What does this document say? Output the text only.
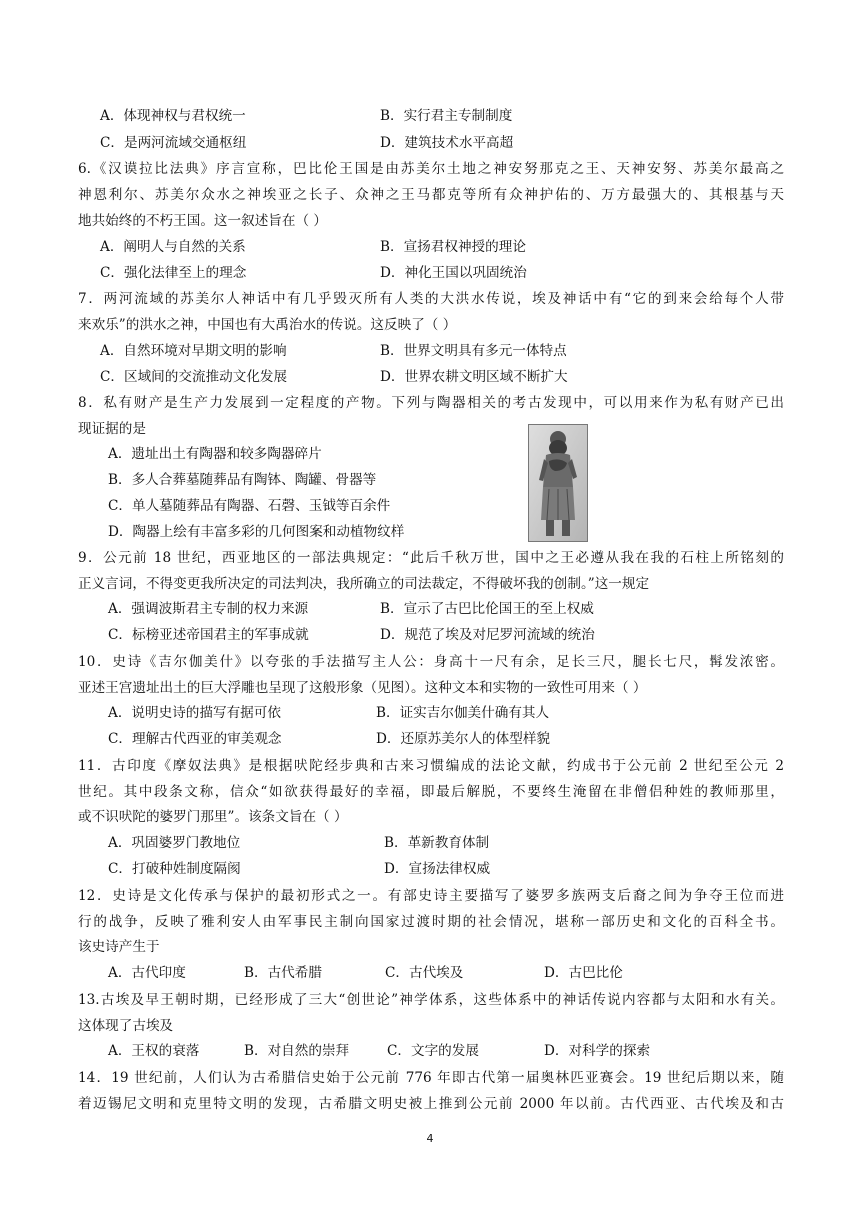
A．体现神权与君权统一	B．实行君主专制制度
C．是两河流域交通枢纽	D．建筑技术水平高超
6.《汉谟拉比法典》序言宣称，巴比伦王国是由苏美尔土地之神安努那克之王、天神安努、苏美尔最高之
神恩利尔、苏美尔众水之神埃亚之长子、众神之王马都克等所有众神护佑的、万方最强大的、其根基与天
地共始终的不朽王国。这一叙述旨在（ ）
A．阐明人与自然的关系	B．宣扬君权神授的理论
C．强化法律至上的理念	D．神化王国以巩固统治
7．两河流域的苏美尔人神话中有几乎毁灭所有人类的大洪水传说，埃及神话中有“它的到来会给每个人带
来欢乐”的洪水之神，中国也有大禹治水的传说。这反映了（ ）
A．自然环境对早期文明的影响	B．世界文明具有多元一体特点
C．区域间的交流推动文化发展	D．世界农耕文明区域不断扩大
8．私有财产是生产力发展到一定程度的产物。下列与陶器相关的考古发现中，可以用来作为私有财产已出
现证据的是
A．遗址出土有陶器和较多陶器碎片
B．多人合葬墓随葬品有陶钵、陶罐、骨器等
C．单人墓随葬品有陶器、石磬、玉钺等百余件
D．陶器上绘有丰富多彩的几何图案和动植物纹样
9．公元前 18 世纪，西亚地区的一部法典规定：“此后千秋万世，国中之王必遵从我在我的石柱上所铭刻的
正义言词，不得变更我所决定的司法判决，我所确立的司法裁定，不得破坏我的创制。”这一规定
A．强调波斯君主专制的权力来源	B．宣示了古巴比伦国王的至上权威
C．标榜亚述帝国君主的军事成就	D．规范了埃及对尼罗河流域的统治
10．史诗《吉尔伽美什》以夸张的手法描写主人公：身高十一尺有余，足长三尺，腿长七尺，髯发浓密。
亚述王宫遗址出土的巨大浮雕也呈现了这般形象（见图）。这种文本和实物的一致性可用来（ ）
A．说明史诗的描写有据可依	B．证实吉尔伽美什确有其人
C．理解古代西亚的审美观念	D．还原苏美尔人的体型样貌
11．古印度《摩奴法典》是根据吠陀经步典和古来习惯编成的法论文献，约成书于公元前 2 世纪至公元 2
世纪。其中段条文称，信众“如欲获得最好的幸福，即最后解脱，不要终生淹留在非僧侣种姓的教师那里，
或不识吠陀的婆罗门那里”。该条文旨在（ ）
A．巩固婆罗门教地位	B．革新教育体制
C．打破种姓制度隔阂	D．宣扬法律权威
12．史诗是文化传承与保护的最初形式之一。有部史诗主要描写了婆罗多族两支后裔之间为争夺王位而进
行的战争，反映了雅利安人由军事民主制向国家过渡时期的社会情况，堪称一部历史和文化的百科全书。
该史诗产生于
A．古代印度	B．古代希腊	C．古代埃及	D．古巴比伦
13.古埃及早王朝时期，已经形成了三大“创世论”神学体系，这些体系中的神话传说内容都与太阳和水有关。
这体现了古埃及
A．王权的衰落	B．对自然的崇拜	C．文字的发展	D．对科学的探索
14．19 世纪前，人们认为古希腊信史始于公元前 776 年即古代第一届奥林匹亚赛会。19 世纪后期以来，随
着迈锡尼文明和克里特文明的发现，古希腊文明史被上推到公元前 2000 年以前。古代西亚、古代埃及和古
4
